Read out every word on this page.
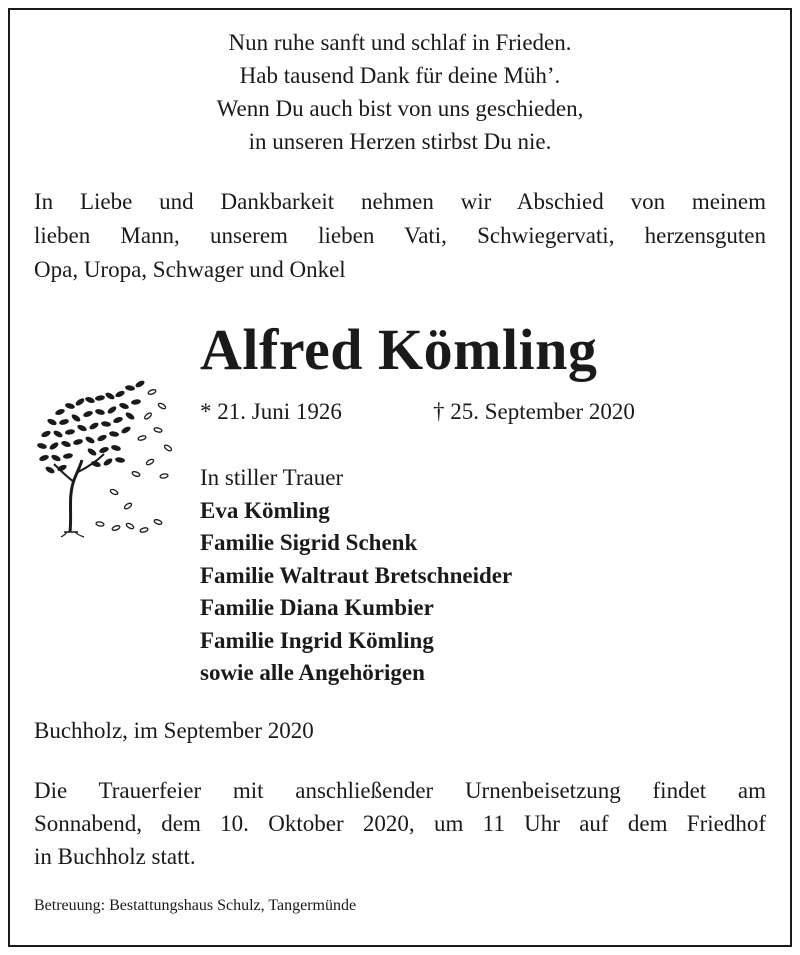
Nun ruhe sanft und schlaf in Frieden.
Hab tausend Dank für deine Müh’.
Wenn Du auch bist von uns geschieden,
in unseren Herzen stirbst Du nie.
In Liebe und Dankbarkeit nehmen wir Abschied von meinem
lieben Mann, unserem lieben Vati, Schwiegervati, herzensguten
Opa, Uropa, Schwager und Onkel
Alfred Kömling
* 21. Juni 1926	† 25. September 2020
In stiller Trauer
Eva Kömling
Familie Sigrid Schenk
Familie Waltraut Bretschneider
Familie Diana Kumbier
Familie Ingrid Kömling
sowie alle Angehörigen
Buchholz, im September 2020
Die Trauerfeier mit anschließender Urnenbeisetzung findet am
Sonnabend, dem 10. Oktober 2020, um 11 Uhr auf dem Friedhof
in Buchholz statt.
Betreuung: Bestattungshaus Schulz, Tangermünde
